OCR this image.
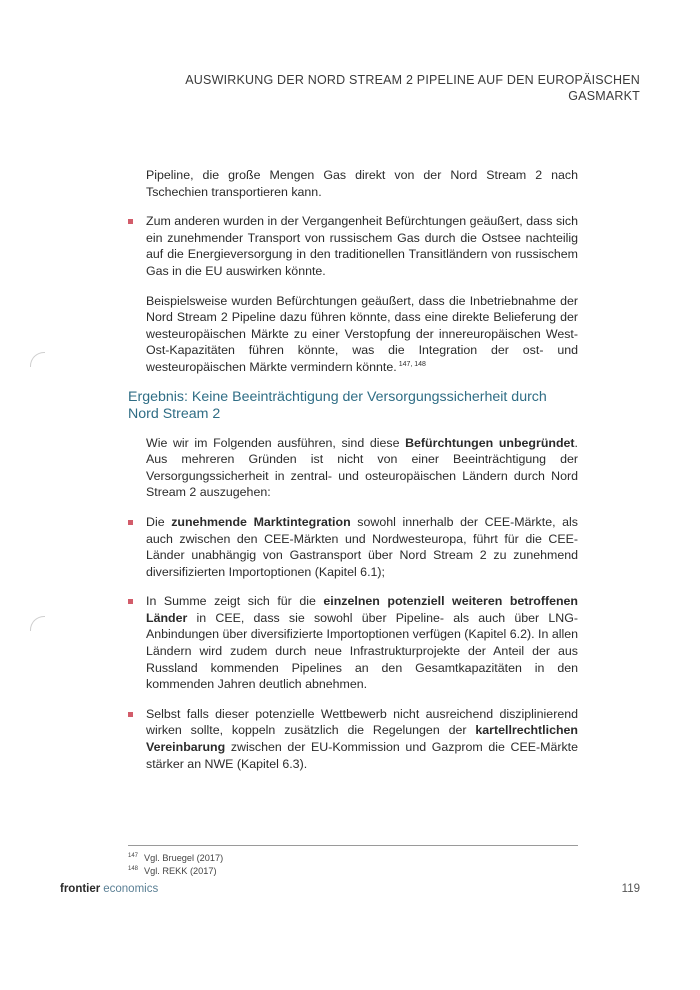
AUSWIRKUNG DER NORD STREAM 2 PIPELINE AUF DEN EUROPÄISCHEN
GASMARKT

Pipeline, die große Mengen Gas direkt von der Nord Stream 2 nach Tschechien transportieren kann.

Zum anderen wurden in der Vergangenheit Befürchtungen geäußert, dass sich ein zunehmender Transport von russischem Gas durch die Ostsee nachteilig auf die Energieversorgung in den traditionellen Transitländern von russischem Gas in die EU auswirken könnte.

Beispielsweise wurden Befürchtungen geäußert, dass die Inbetriebnahme der Nord Stream 2 Pipeline dazu führen könnte, dass eine direkte Belieferung der westeuropäischen Märkte zu einer Verstopfung der innereuropäischen West-Ost-Kapazitäten führen könnte, was die Integration der ost- und westeuropäischen Märkte vermindern könnte. $^{147, 148}$

Ergebnis: Keine Beeinträchtigung der Versorgungssicherheit durch Nord Stream 2

Wie wir im Folgenden ausführen, sind diese Befürchtungen unbegründet. Aus mehreren Gründen ist nicht von einer Beeinträchtigung der Versorgungssicherheit in zentral- und osteuropäischen Ländern durch Nord Stream 2 auszugehen:

Die zunehmende Marktintegration sowohl innerhalb der CEE-Märkte, als auch zwischen den CEE-Märkten und Nordwesteuropa, führt für die CEE-Länder unabhängig von Gastransport über Nord Stream 2 zu zunehmend diversifizierten Importoptionen (Kapitel 6.1);
In Summe zeigt sich für die einzelnen potenziell weiteren betroffenen Länder in CEE, dass sie sowohl über Pipeline- als auch über LNG-Anbindungen über diversifizierte Importoptionen verfügen (Kapitel 6.2). In allen Ländern wird zudem durch neue Infrastrukturprojekte der Anteil der aus Russland kommenden Pipelines an den Gesamtkapazitäten in den kommenden Jahren deutlich abnehmen.
Selbst falls dieser potenzielle Wettbewerb nicht ausreichend disziplinierend wirken sollte, koppeln zusätzlich die Regelungen der kartellrechtlichen Vereinbarung zwischen der EU-Kommission und Gazprom die CEE-Märkte stärker an NWE (Kapitel 6.3).
$^{147}$ Vgl. Bruegel (2017)
$^{148}$ Vgl. REKK (2017)
frontier economics	119
